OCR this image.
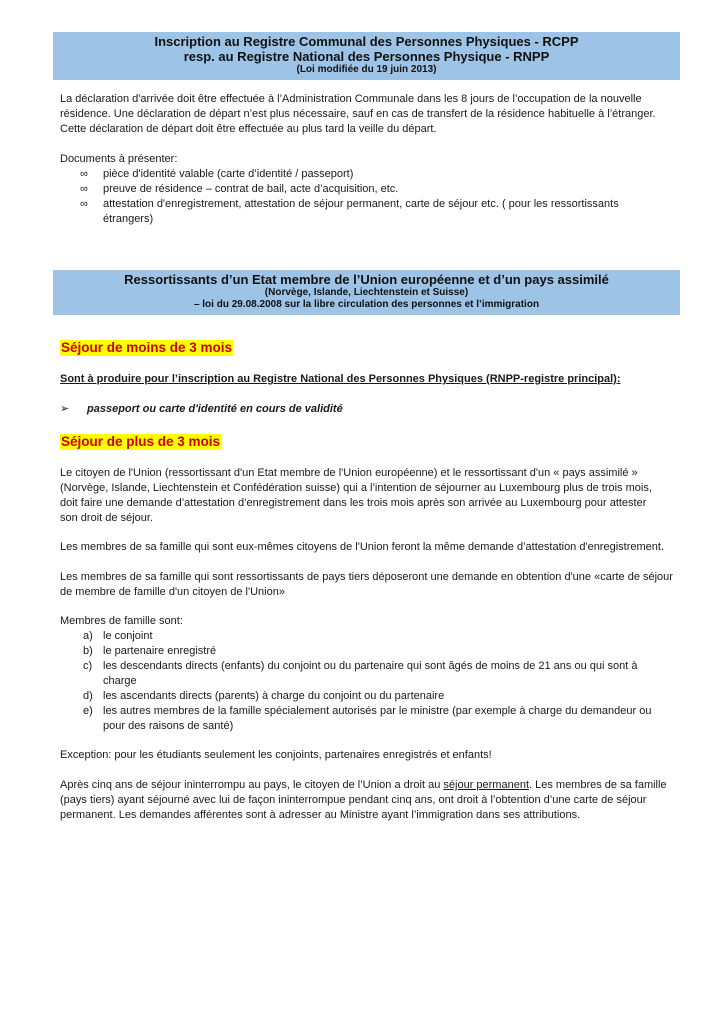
Inscription au Registre Communal des Personnes Physiques - RCPP
resp. au Registre National des Personnes Physique - RNPP
(Loi modifiée du 19 juin 2013)
La déclaration d'arrivée doit être effectuée à l’Administration Communale dans les 8 jours de l’occupation de la nouvelle
résidence. Une déclaration de départ n’est plus nécessaire, sauf en cas de transfert de la résidence habituelle à l’étranger.
Cette déclaration de départ doit être effectuée au plus tard la veille du départ.
Documents à présenter:
∞ pièce d'identité valable (carte d’identité / passeport)
∞ preuve de résidence – contrat de bail, acte d’acquisition, etc.
∞ attestation d'enregistrement, attestation de séjour permanent, carte de séjour etc. ( pour les ressortissants
étrangers)
Ressortissants d’un Etat membre de l’Union européenne et d’un pays assimilé
(Norvège, Islande, Liechtenstein et Suisse)
– loi du 29.08.2008 sur la libre circulation des personnes et l’immigration
Séjour de moins de 3 mois
Sont à produire pour l’inscription au Registre National des Personnes Physiques (RNPP-registre principal):
➢ passeport ou carte d'identité en cours de validité
Séjour de plus de 3 mois
Le citoyen de l'Union (ressortissant d'un Etat membre de l'Union européenne) et le ressortissant d'un « pays assimilé »
(Norvège, Islande, Liechtenstein et Confédération suisse) qui a l’intention de séjourner au Luxembourg plus de trois mois,
doit faire une demande d’attestation d’enregistrement dans les trois mois après son arrivée au Luxembourg pour attester
son droit de séjour.
Les membres de sa famille qui sont eux-mêmes citoyens de l'Union feront la même demande d’attestation d'enregistrement.
Les membres de sa famille qui sont ressortissants de pays tiers déposeront une demande en obtention d'une «carte de séjour
de membre de famille d'un citoyen de l'Union»
Membres de famille sont:
a) le conjoint
b) le partenaire enregistré
c) les descendants directs (enfants) du conjoint ou du partenaire qui sont âgés de moins de 21 ans ou qui sont à
charge
d) les ascendants directs (parents) à charge du conjoint ou du partenaire
e) les autres membres de la famille spécialement autorisés par le ministre (par exemple à charge du demandeur ou
pour des raisons de santé)
Exception: pour les étudiants seulement les conjoints, partenaires enregistrés et enfants!
Après cinq ans de séjour ininterrompu au pays, le citoyen de l’Union a droit au séjour permanent. Les membres de sa famille
(pays tiers) ayant séjourné avec lui de façon ininterrompue pendant cinq ans, ont droit à l’obtention d’une carte de séjour
permanent. Les demandes afférentes sont à adresser au Ministre ayant l’immigration dans ses attributions.
